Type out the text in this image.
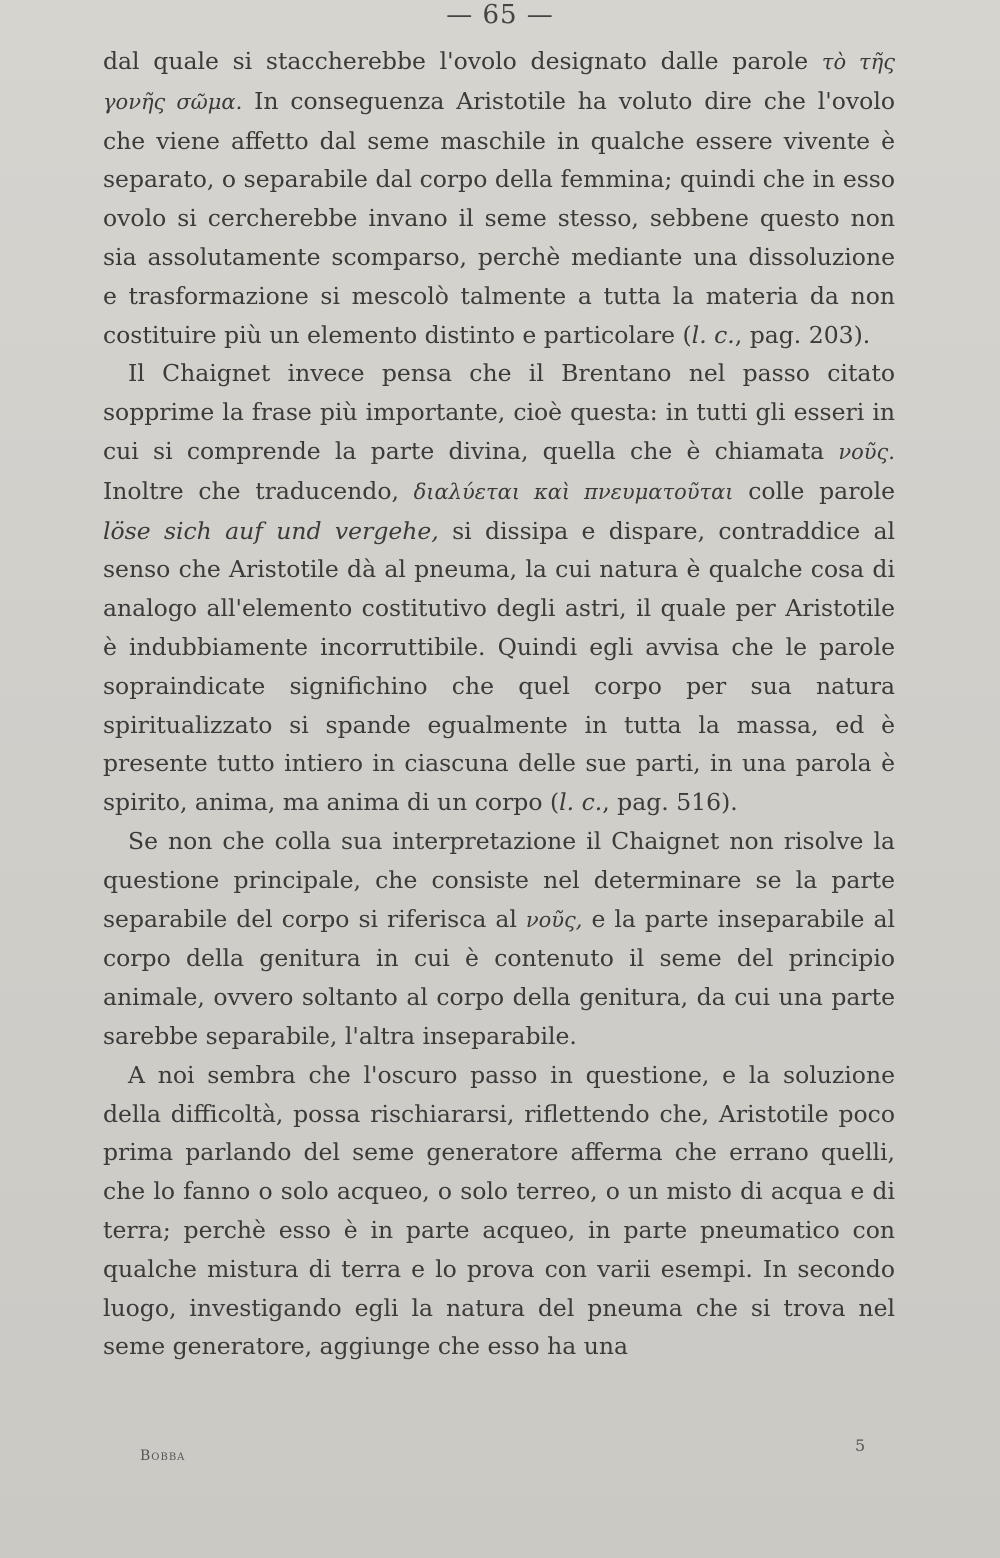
— 65 —

dal quale si staccherebbe l'ovolo designato dalle parole τὸ τῆς γονῆς σῶμα. In conseguenza Aristotile ha voluto dire che l'ovolo che viene affetto dal seme maschile in qualche essere vivente è separato, o separabile dal corpo della femmina; quindi che in esso ovolo si cercherebbe invano il seme stesso, sebbene questo non sia assolutamente scomparso, perchè mediante una dissoluzione e trasformazione si mescolò talmente a tutta la materia da non costituire più un elemento distinto e particolare (l. c., pag. 203).

Il Chaignet invece pensa che il Brentano nel passo citato sopprime la frase più importante, cioè questa: in tutti gli esseri in cui si comprende la parte divina, quella che è chiamata νοῦς. Inoltre che traducendo, διαλύεται καὶ πνευματοῦται colle parole löse sich auf und vergehe, si dissipa e dispare, contraddice al senso che Aristotile dà al pneuma, la cui natura è qualche cosa di analogo all'elemento costitutivo degli astri, il quale per Aristotile è indubbiamente incorruttibile. Quindi egli avvisa che le parole sopraindicate significhino che quel corpo per sua natura spiritualizzato si spande egualmente in tutta la massa, ed è presente tutto intiero in ciascuna delle sue parti, in una parola è spirito, anima, ma anima di un corpo (l. c., pag. 516).

Se non che colla sua interpretazione il Chaignet non risolve la questione principale, che consiste nel determinare se la parte separabile del corpo si riferisca al νοῦς, e la parte inseparabile al corpo della genitura in cui è contenuto il seme del principio animale, ovvero soltanto al corpo della genitura, da cui una parte sarebbe separabile, l'altra inseparabile.

A noi sembra che l'oscuro passo in questione, e la soluzione della difficoltà, possa rischiararsi, riflettendo che, Aristotile poco prima parlando del seme generatore afferma che errano quelli, che lo fanno o solo acqueo, o solo terreo, o un misto di acqua e di terra; perchè esso è in parte acqueo, in parte pneumatico con qualche mistura di terra e lo prova con varii esempi. In secondo luogo, investigando egli la natura del pneuma che si trova nel seme generatore, aggiunge che esso ha una

Bobba
5
